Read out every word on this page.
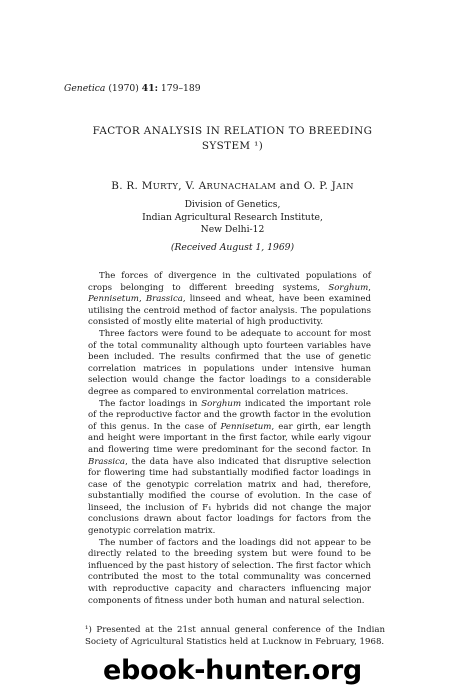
Genetica (1970) 41: 179–189
FACTOR ANALYSIS IN RELATION TO BREEDING
SYSTEM ¹)
B. R. MURTY, V. ARUNACHALAM and O. P. JAIN
Division of Genetics,
Indian Agricultural Research Institute,
New Delhi-12
(Received August 1, 1969)

The forces of divergence in the cultivated populations of crops belonging to different breeding systems, Sorghum, Pennisetum, Brassica, linseed and wheat, have been examined utilising the centroid method of factor analysis. The populations consisted of mostly elite material of high productivity.

Three factors were found to be adequate to account for most of the total communality although upto fourteen variables have been included. The results confirmed that the use of genetic correlation matrices in populations under intensive human selection would change the factor loadings to a considerable degree as compared to environmental correlation matrices.

The factor loadings in Sorghum indicated the important role of the reproductive factor and the growth factor in the evolution of this genus. In the case of Pennisetum, ear girth, ear length and height were important in the first factor, while early vigour and flowering time were predominant for the second factor. In Brassica, the data have also indicated that disruptive selection for flowering time had substantially modified factor loadings in case of the genotypic correlation matrix and had, therefore, substantially modified the course of evolution. In the case of linseed, the inclusion of F₁ hybrids did not change the major conclusions drawn about factor loadings for factors from the genotypic correlation matrix.

The number of factors and the loadings did not appear to be directly related to the breeding system but were found to be influenced by the past history of selection. The first factor which contributed the most to the total communality was concerned with reproductive capacity and characters influencing major components of fitness under both human and natural selection.

¹) Presented at the 21st annual general conference of the Indian Society of Agricultural Statistics held at Lucknow in February, 1968.

ebook-hunter.org
